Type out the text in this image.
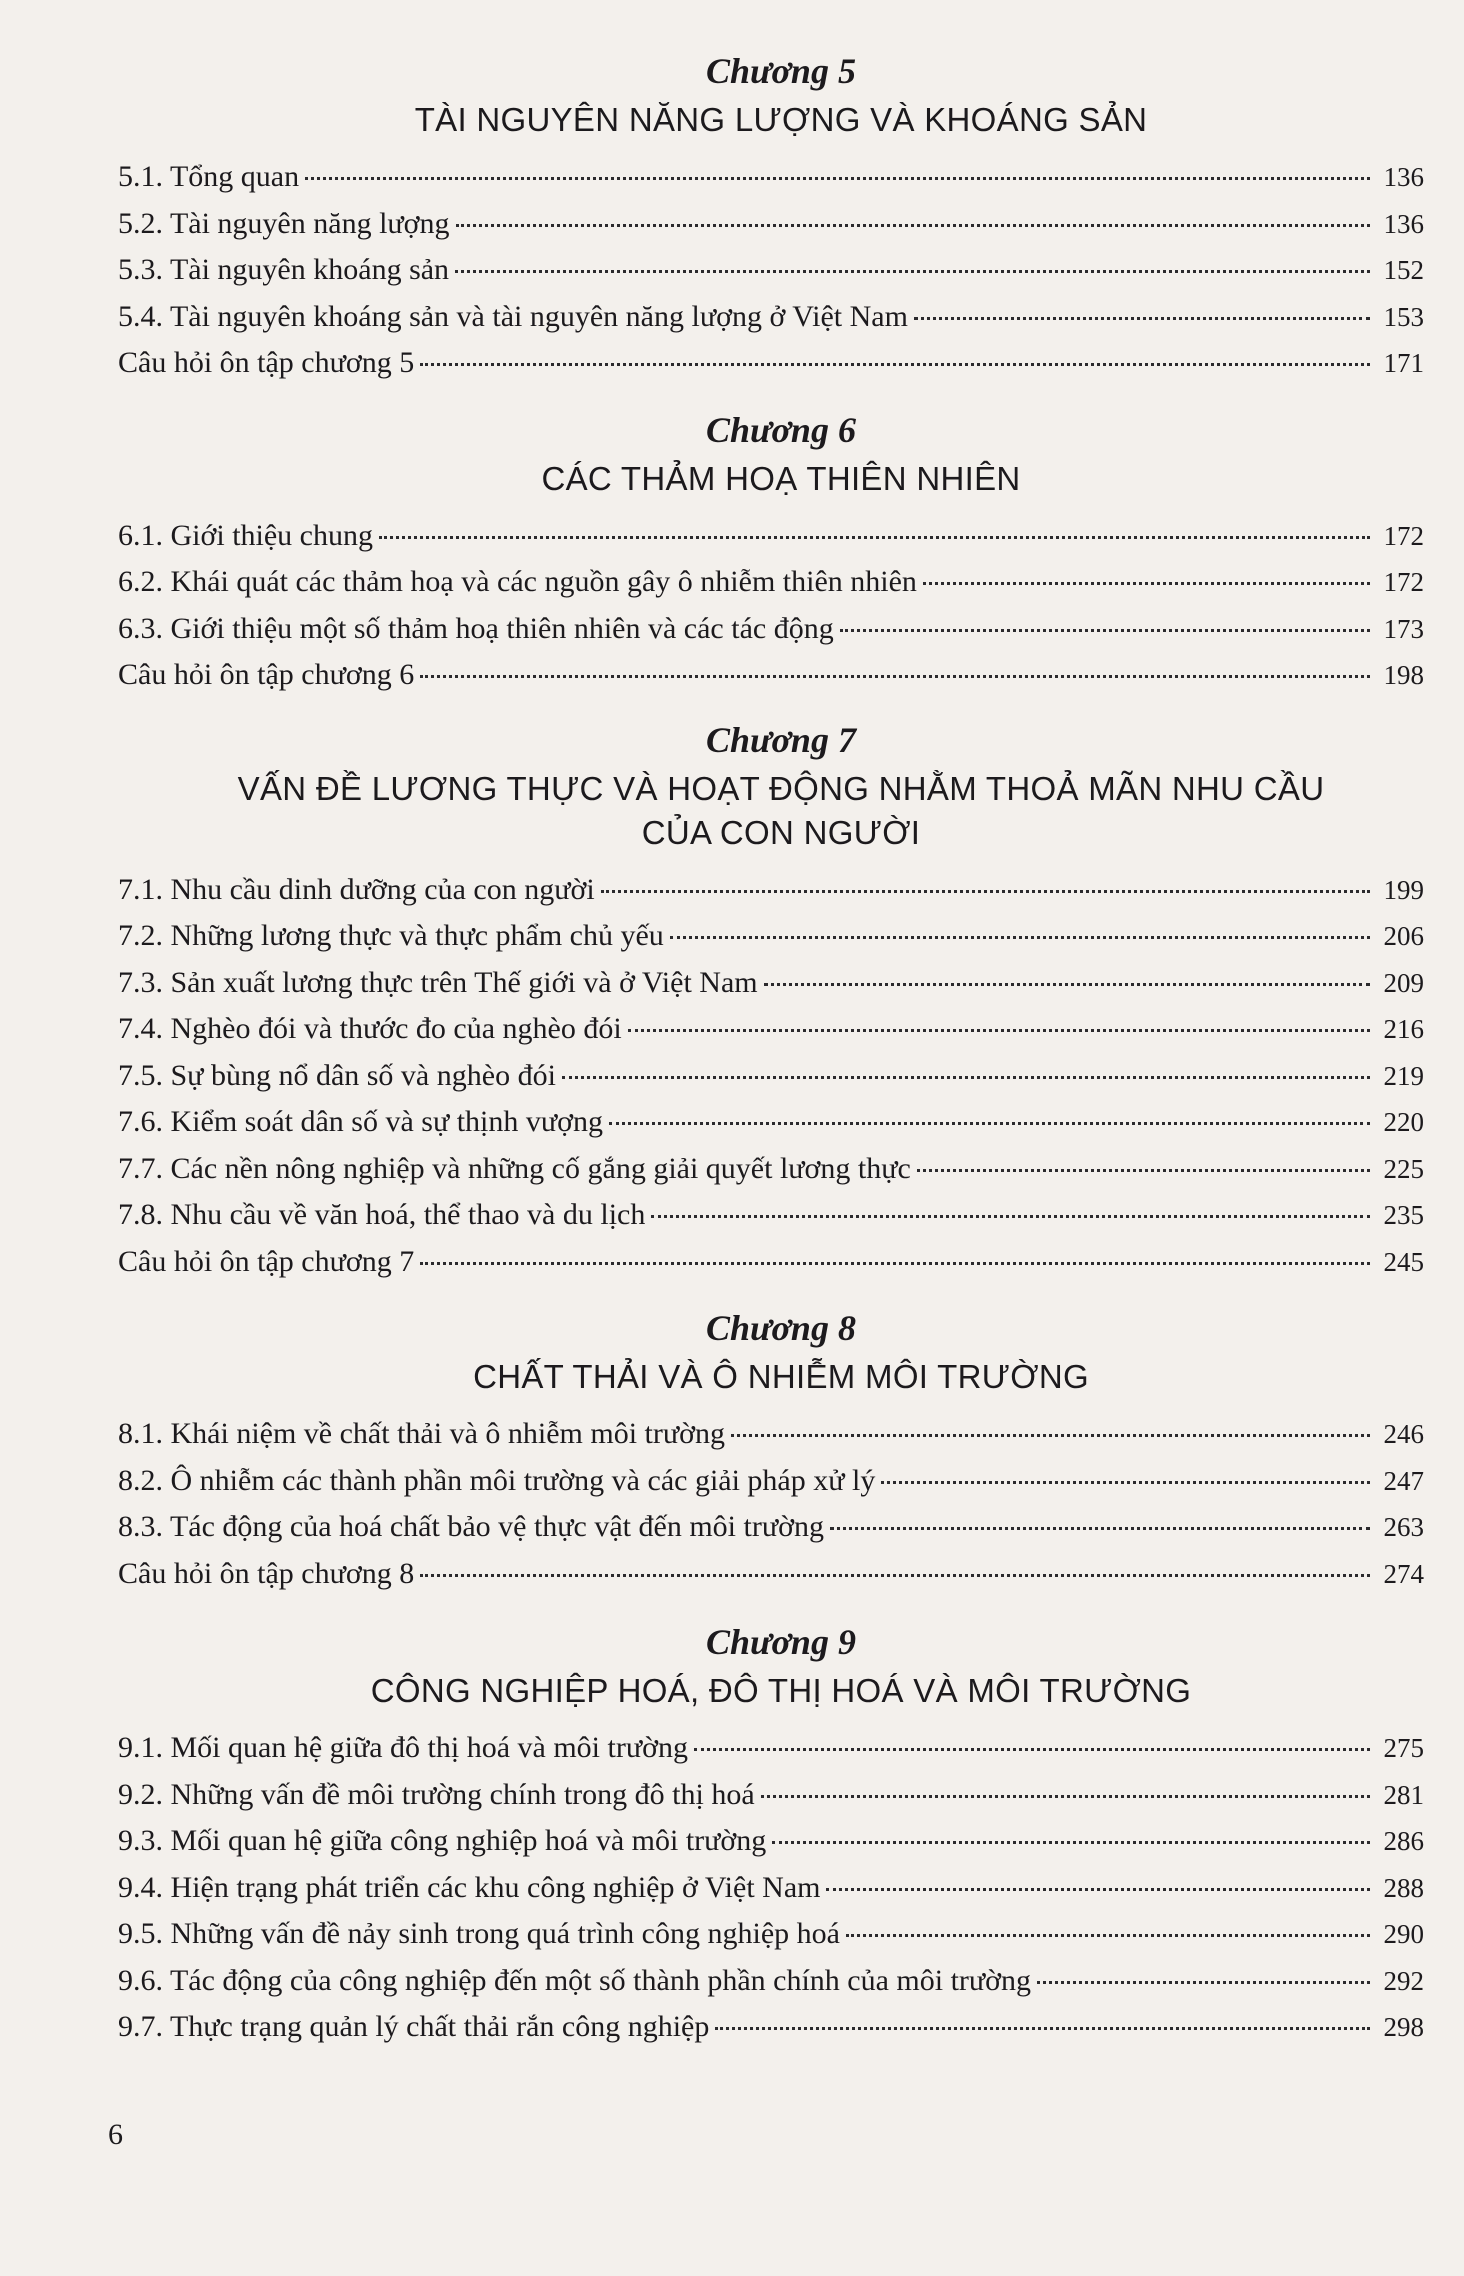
Chương 5
TÀI NGUYÊN NĂNG LƯỢNG VÀ KHOÁNG SẢN
5.1. Tổng quan	136
5.2. Tài nguyên năng lượng	136
5.3. Tài nguyên khoáng sản	152
5.4. Tài nguyên khoáng sản và tài nguyên năng lượng ở Việt Nam	153
Câu hỏi ôn tập chương 5	171
Chương 6
CÁC THẢM HOẠ THIÊN NHIÊN
6.1. Giới thiệu chung	172
6.2. Khái quát các thảm hoạ và các nguồn gây ô nhiễm thiên nhiên	172
6.3. Giới thiệu một số thảm hoạ thiên nhiên và các tác động	173
Câu hỏi ôn tập chương 6	198
Chương 7
VẤN ĐỀ LƯƠNG THỰC VÀ HOẠT ĐỘNG NHẰM THOẢ MÃN NHU CẦU
CỦA CON NGƯỜI
7.1. Nhu cầu dinh dưỡng của con người	199
7.2. Những lương thực và thực phẩm chủ yếu	206
7.3. Sản xuất lương thực trên Thế giới và ở Việt Nam	209
7.4. Nghèo đói và thước đo của nghèo đói	216
7.5. Sự bùng nổ dân số và nghèo đói	219
7.6. Kiểm soát dân số và sự thịnh vượng	220
7.7. Các nền nông nghiệp và những cố gắng giải quyết lương thực	225
7.8. Nhu cầu về văn hoá, thể thao và du lịch	235
Câu hỏi ôn tập chương 7	245
Chương 8
CHẤT THẢI VÀ Ô NHIỄM MÔI TRƯỜNG
8.1. Khái niệm về chất thải và ô nhiễm môi trường	246
8.2. Ô nhiễm các thành phần môi trường và các giải pháp xử lý	247
8.3. Tác động của hoá chất bảo vệ thực vật đến môi trường	263
Câu hỏi ôn tập chương 8	274
Chương 9
CÔNG NGHIỆP HOÁ, ĐÔ THỊ HOÁ VÀ MÔI TRƯỜNG
9.1. Mối quan hệ giữa đô thị hoá và môi trường	275
9.2. Những vấn đề môi trường chính trong đô thị hoá	281
9.3. Mối quan hệ giữa công nghiệp hoá và môi trường	286
9.4. Hiện trạng phát triển các khu công nghiệp ở Việt Nam	288
9.5. Những vấn đề nảy sinh trong quá trình công nghiệp hoá	290
9.6. Tác động của công nghiệp đến một số thành phần chính của môi trường	292
9.7. Thực trạng quản lý chất thải rắn công nghiệp	298
6
